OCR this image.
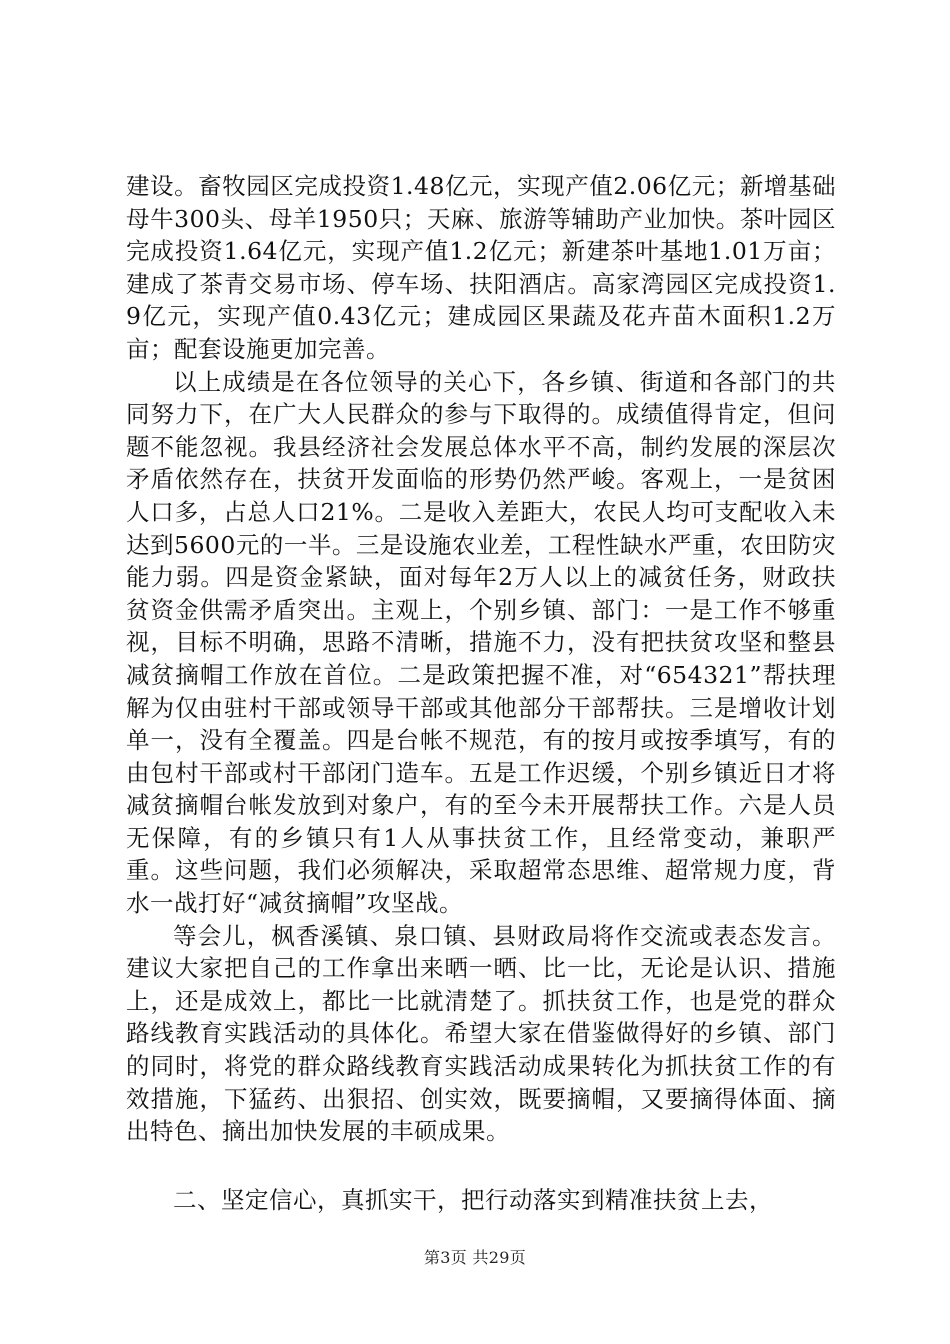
建设。畜牧园区完成投资1.48亿元，实现产值2.06亿元；新增基础母牛300头、母羊1950只；天麻、旅游等辅助产业加快。茶叶园区完成投资1.64亿元，实现产值1.2亿元；新建茶叶基地1.01万亩；建成了茶青交易市场、停车场、扶阳酒店。高家湾园区完成投资1.9亿元，实现产值0.43亿元；建成园区果蔬及花卉苗木面积1.2万亩；配套设施更加完善。

以上成绩是在各位领导的关心下，各乡镇、街道和各部门的共同努力下，在广大人民群众的参与下取得的。成绩值得肯定，但问题不能忽视。我县经济社会发展总体水平不高，制约发展的深层次矛盾依然存在，扶贫开发面临的形势仍然严峻。客观上，一是贫困人口多，占总人口21%。二是收入差距大，农民人均可支配收入未达到5600元的一半。三是设施农业差，工程性缺水严重，农田防灾能力弱。四是资金紧缺，面对每年2万人以上的减贫任务，财政扶贫资金供需矛盾突出。主观上，个别乡镇、部门：一是工作不够重视，目标不明确，思路不清晰，措施不力，没有把扶贫攻坚和整县减贫摘帽工作放在首位。二是政策把握不准，对“654321”帮扶理解为仅由驻村干部或领导干部或其他部分干部帮扶。三是增收计划单一，没有全覆盖。四是台帐不规范，有的按月或按季填写，有的由包村干部或村干部闭门造车。五是工作迟缓，个别乡镇近日才将减贫摘帽台帐发放到对象户，有的至今未开展帮扶工作。六是人员无保障，有的乡镇只有1人从事扶贫工作，且经常变动，兼职严重。这些问题，我们必须解决，采取超常态思维、超常规力度，背水一战打好“减贫摘帽”攻坚战。

等会儿，枫香溪镇、泉口镇、县财政局将作交流或表态发言。建议大家把自己的工作拿出来晒一晒、比一比，无论是认识、措施上，还是成效上，都比一比就清楚了。抓扶贫工作，也是党的群众路线教育实践活动的具体化。希望大家在借鉴做得好的乡镇、部门的同时，将党的群众路线教育实践活动成果转化为抓扶贫工作的有效措施，下猛药、出狠招、创实效，既要摘帽，又要摘得体面、摘出特色、摘出加快发展的丰硕成果。

二、坚定信心，真抓实干，把行动落实到精准扶贫上去，

第3页 共29页
